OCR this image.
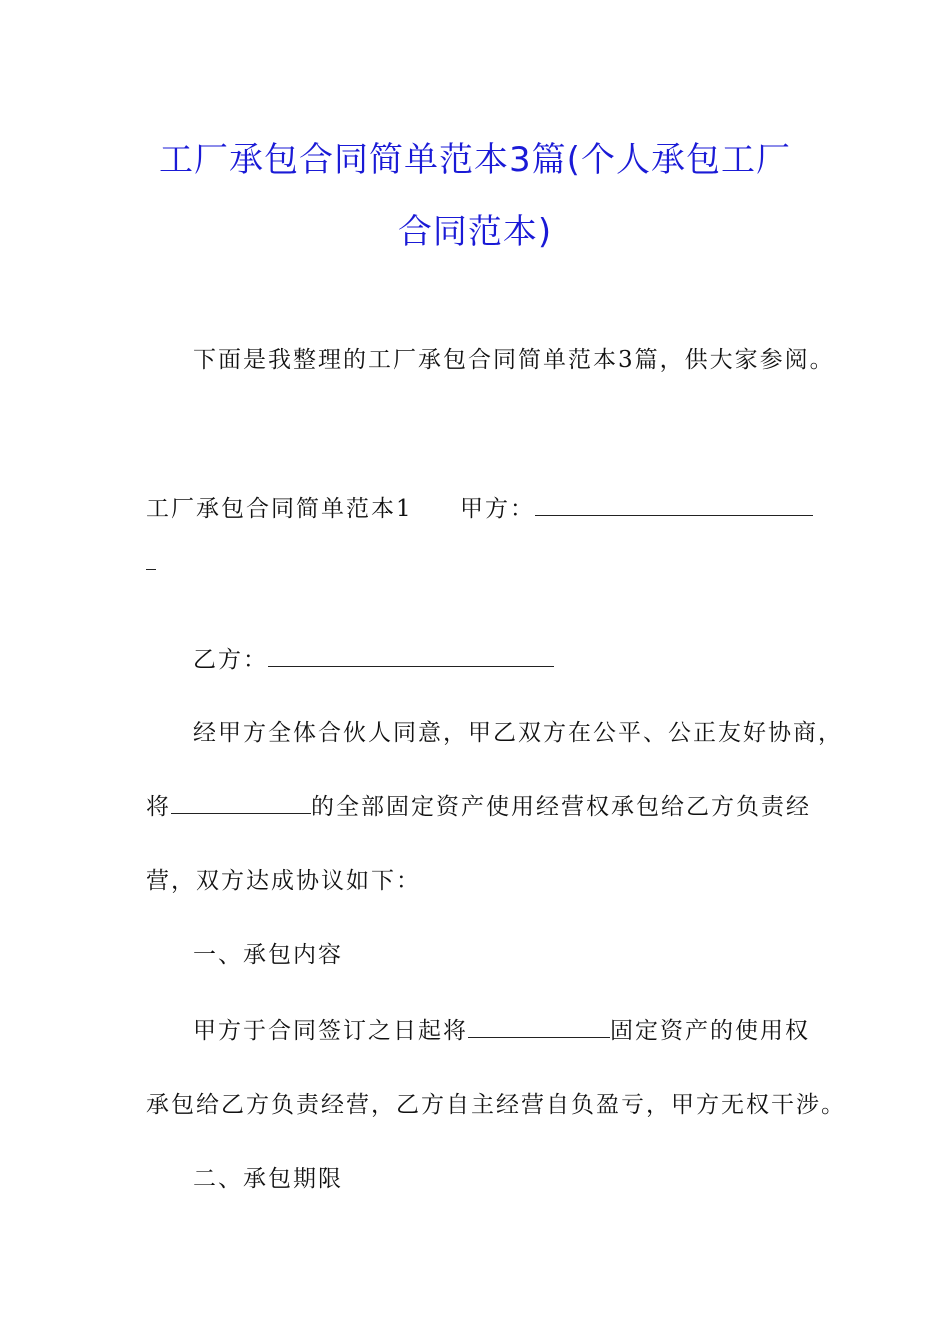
工厂承包合同简单范本3篇(个人承包工厂
合同范本)
下面是我整理的工厂承包合同简单范本3篇，供大家参阅。
工厂承包合同简单范本1 甲方：
乙方：
经甲方全体合伙人同意，甲乙双方在公平、公正友好协商，
将	的全部固定资产使用经营权承包给乙方负责经
营，双方达成协议如下：
一、承包内容
甲方于合同签订之日起将	固定资产的使用权
承包给乙方负责经营，乙方自主经营自负盈亏，甲方无权干涉。
二、承包期限
